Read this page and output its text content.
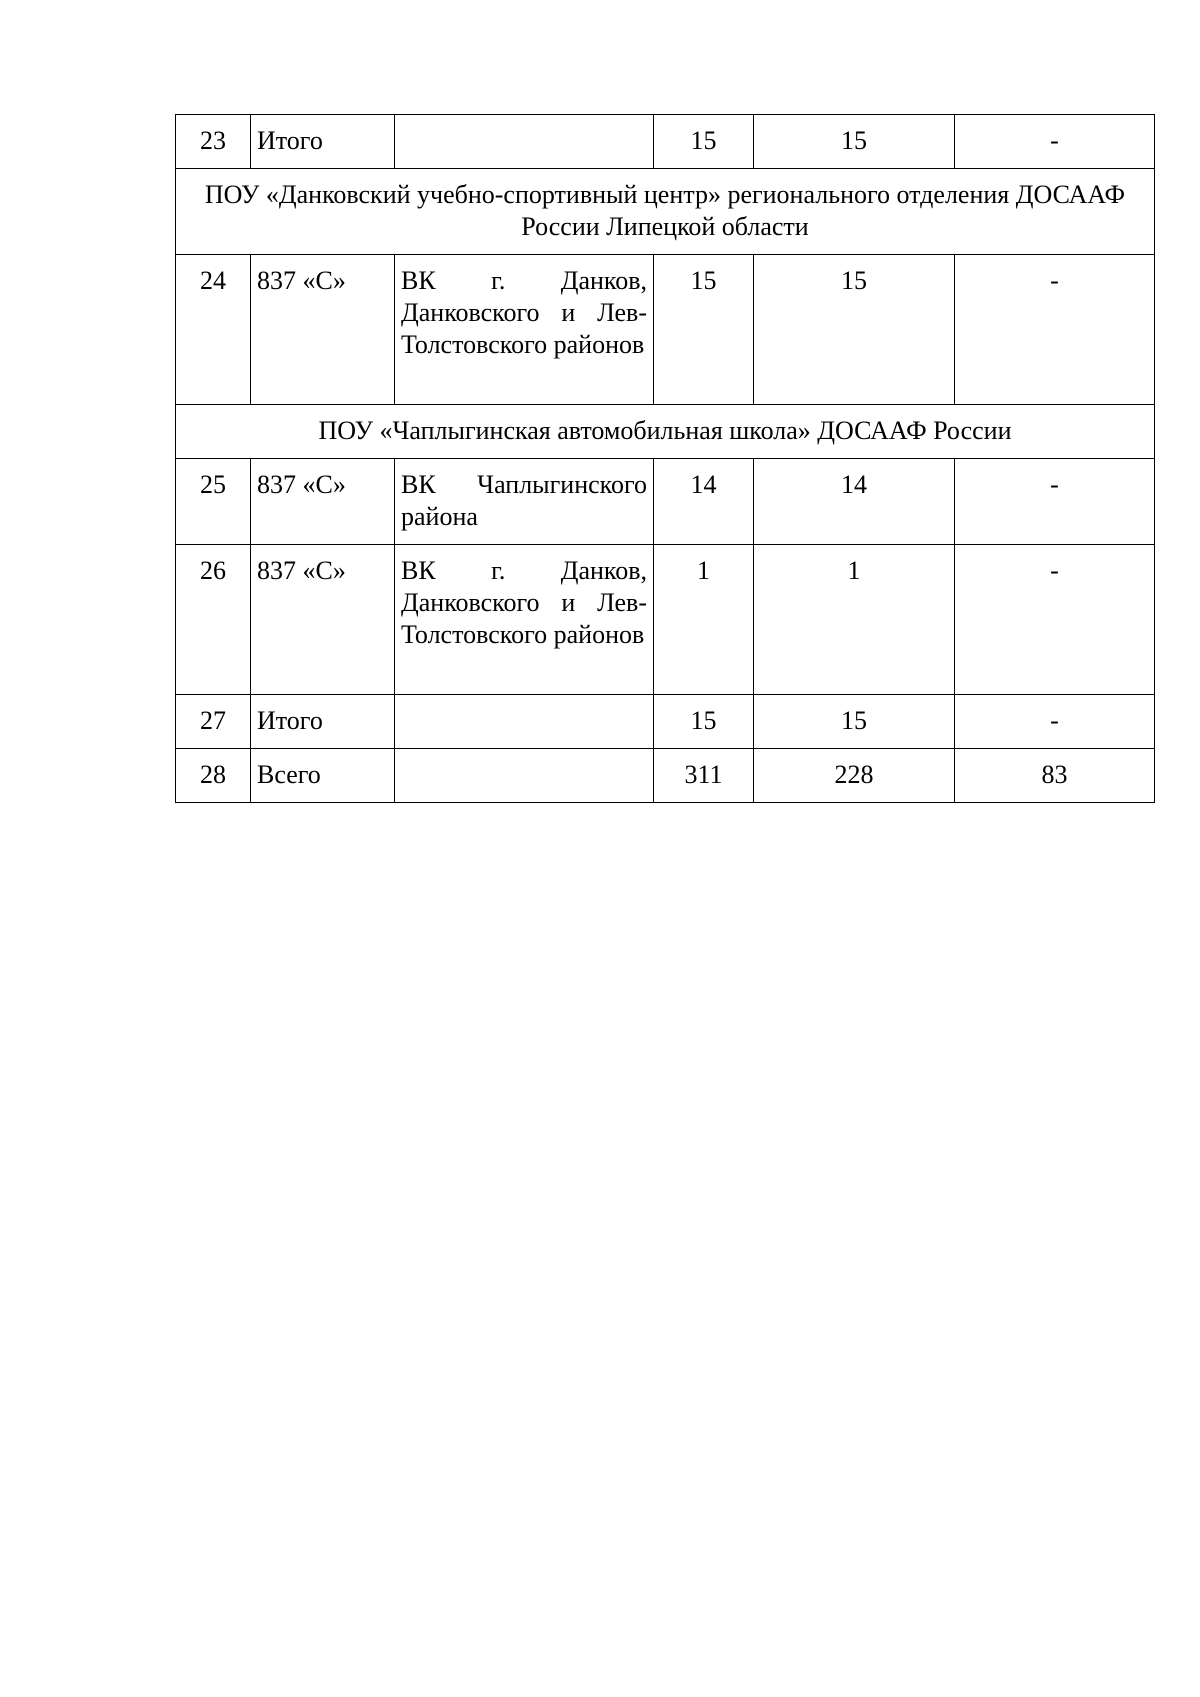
23	Итого		15	15	-
ПОУ «Данковский учебно-спортивный центр» регионального отделения ДОСААФ России Липецкой области					
24	837 «С»	ВК г. Данков, Данковского и Лев-Толстовского районов	15	15	-
ПОУ «Чаплыгинская автомобильная школа» ДОСААФ России					
25	837 «С»	ВК Чаплыгинского района	14	14	-
26	837 «С»	ВК г. Данков, Данковского и Лев-Толстовского районов	1	1	-
27	Итого		15	15	-
28	Всего		311	228	83
